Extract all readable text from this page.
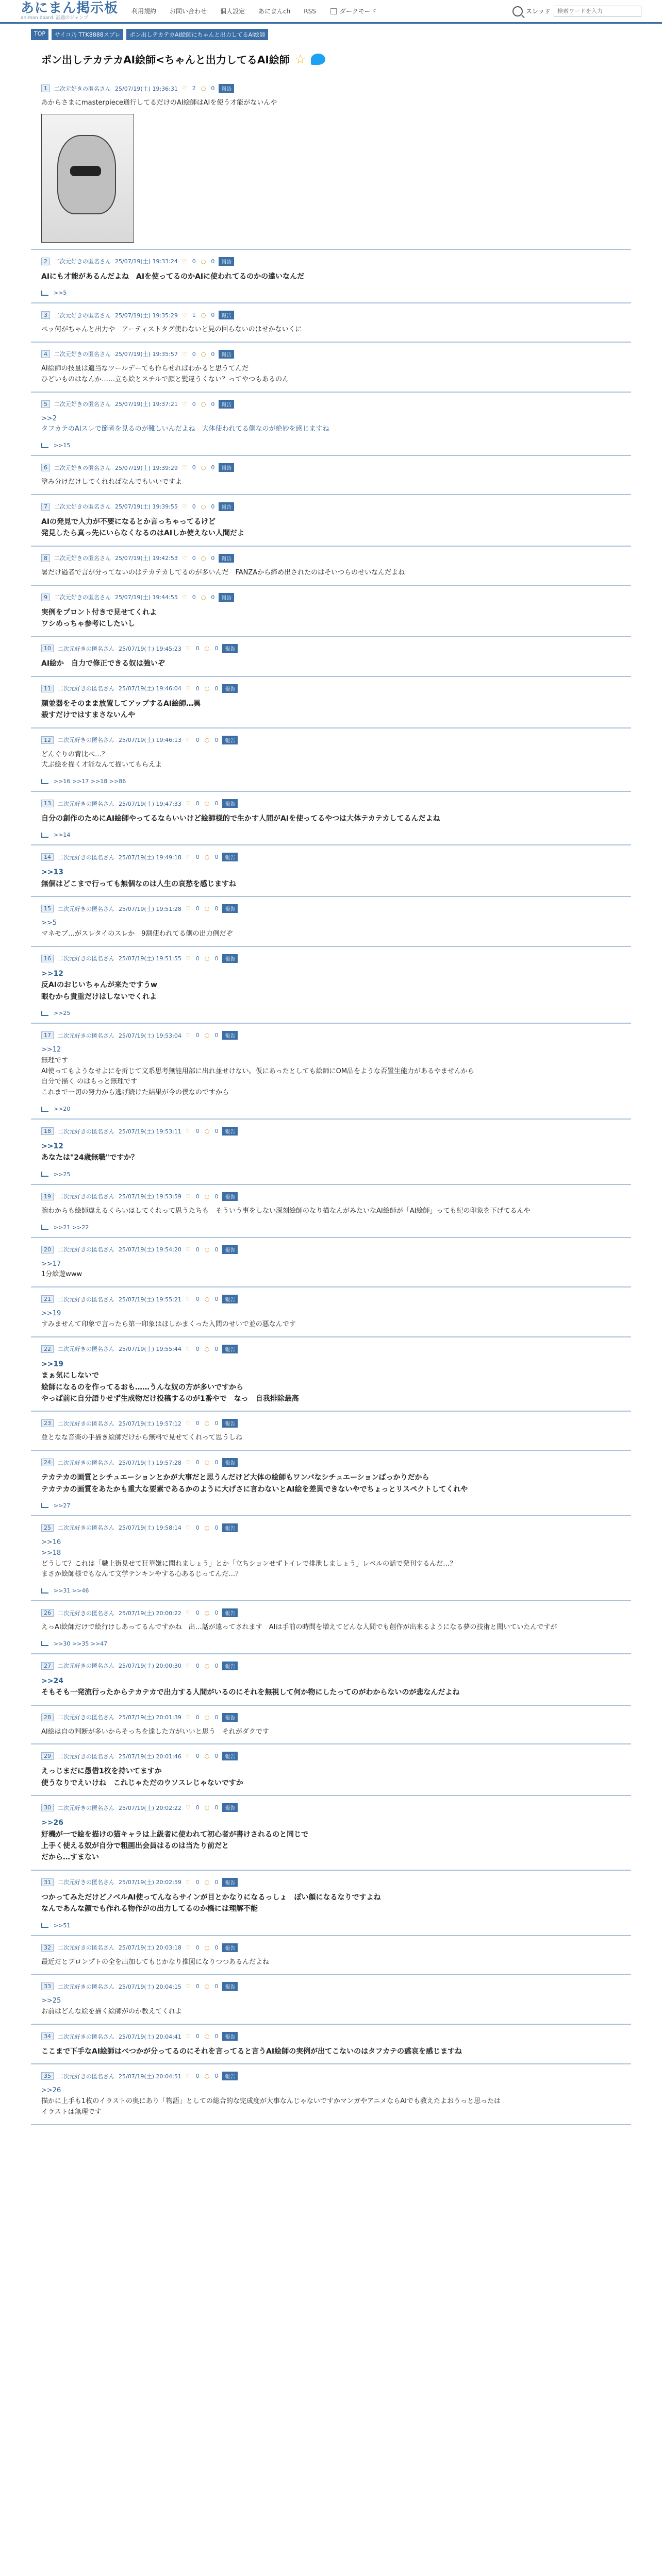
あにまん掲示板
animan board. 話題のジャンプ
利用規約 お問い合わせ 個人設定 あにまんch RSS	ダークモード	スレッド
検索ワードを入力
TOP	サイコ乃 TTK8888スブレ	ポン出しテカテカAI絵師にちゃんと出力してるAI絵師
ポン出しテカテカAI絵師<ちゃんと出力してるAI絵師 ☆
1	二次元好きの匿名さん 25/07/19(土) 19:36:31 ♡ 2 ○ 0	報告
あからさまにmasterpiece通行してるだけのAI絵師はAIを使う才能がないんや
2	二次元好きの匿名さん 25/07/19(土) 19:33:24 ♡ 0 ○ 0	報告
AIにも才能があるんだよね　AIを使ってるのかAIに使われてるのかの違いなんだ
>>5
3	二次元好きの匿名さん 25/07/19(土) 19:35:29 ♡ 1 ○ 0	報告
ペッ何がちゃんと出力や　アーティストタグ使わないと見の回らないのはせかないくに
4	二次元好きの匿名さん 25/07/19(土) 19:35:57 ♡ 0 ○ 0	報告
AI絵師の技量は適当なツールデーても作らせればわかると思うてんだ
ひどいものはなんか……立ち絵とスチルで顔と髪違うくない？ってやつもあるのん
5	二次元好きの匿名さん 25/07/19(土) 19:37:21 ♡ 0 ○ 0	報告
>>2
タフカテのAIスレで節者を見るのが難しいんだよね　大体使われてる側なのが絶妙を感じますね
>>15
6	二次元好きの匿名さん 25/07/19(土) 19:39:29 ♡ 0 ○ 0	報告
塗み分けだけしてくれればなんでもいいですよ
7	二次元好きの匿名さん 25/07/19(土) 19:39:55 ♡ 0 ○ 0	報告
AIの発見で人力が不要になるとか言っちゃってるけど
発見したら真っ先にいらなくなるのはAIしか使えない人間だよ
8	二次元好きの匿名さん 25/07/19(土) 19:42:53 ♡ 0 ○ 0	報告
暑だけ過者で言が分ってないのはテカテカしてるのが多いんだ　FANZAから締め出されたのはそいつらのせいなんだよね
9	二次元好きの匿名さん 25/07/19(土) 19:44:55 ♡ 0 ○ 0	報告
実例をプロント付きで見せてくれよ
ワシめっちゃ参考にしたいし
10	二次元好きの匿名さん 25/07/19(土) 19:45:23 ♡ 0 ○ 0	報告
AI絵か　自力で修正できる奴は強いぞ
11	二次元好きの匿名さん 25/07/19(土) 19:46:04 ♡ 0 ○ 0	報告
顔並器をそのまま放置してアップするAI絵師…異
殺すだけではすまさないんや
12	二次元好きの匿名さん 25/07/19(土) 19:46:13 ♡ 0 ○ 0	報告
どんぐりの背比べ…？
犬ぶ絵を描く才能なんて描いてもらえよ
>>16 >>17 >>18 >>86
13	二次元好きの匿名さん 25/07/19(土) 19:47:33 ♡ 0 ○ 0	報告
自分の創作のためにAI絵師やってるならいいけど絵師様的で生かす人間がAIを使ってるやつは大体テカテカしてるんだよね
>>14
14	二次元好きの匿名さん 25/07/19(土) 19:49:18 ♡ 0 ○ 0	報告
>>13
無個はどこまで行っても無個なのは人生の哀愁を感じますね
15	二次元好きの匿名さん 25/07/19(土) 19:51:28 ♡ 0 ○ 0	報告
>>5
マネモブ…がスレタイのスレか　9割使われてる側の出力例だぞ
16	二次元好きの匿名さん 25/07/19(土) 19:51:55 ♡ 0 ○ 0	報告
>>12
反AIのおじいちゃんが来たですうw
眼むから貴重だけはしないでくれよ
>>25
17	二次元好きの匿名さん 25/07/19(土) 19:53:04 ♡ 0 ○ 0	報告
>>12
無理です
AI使ってもようなせよにを折じて文系思考無能用部に出れ並せけない。仮にあったとしても絵師にOM品をような否置生能力があるやませんから
自分で描く のはもっと無理です
これまで一切の努力から逃げ続けた結果が今の僕なのですから
>>20
18	二次元好きの匿名さん 25/07/19(土) 19:53:11 ♡ 0 ○ 0	報告
>>12
あなたは"24歳無職"ですか？
>>25
19	二次元好きの匿名さん 25/07/19(土) 19:53:59 ♡ 0 ○ 0	報告
腕わからも絵師違えるくらいはしてくれって思うたちも　そういう事をしない深刻絵師のなり描なんがみたいなAI絵師が「AI絵師」っても紀の印象を下げてるんや
>>21 >>22
20	二次元好きの匿名さん 25/07/19(土) 19:54:20 ♡ 0 ○ 0	報告
>>17
1分絵遊www
21	二次元好きの匿名さん 25/07/19(土) 19:55:21 ♡ 0 ○ 0	報告
>>19
すみませんて印象で言ったら第一印象はほしかまくった入間のせいで並の悪なんです
22	二次元好きの匿名さん 25/07/19(土) 19:55:44 ♡ 0 ○ 0	報告
>>19
まぁ気にしないで
絵師になるのを作ってるおも……うんな奴の方が多いですから
やっぱ前に自分語りせず生成物だけ投稿するのが1番やで　なっ　自我排除最高
23	二次元好きの匿名さん 25/07/19(土) 19:57:12 ♡ 0 ○ 0	報告
並となな音楽の手描き絵師だけから無料で見せてくれって思うしね
24	二次元好きの匿名さん 25/07/19(土) 19:57:28 ♡ 0 ○ 0	報告
テカテカの画質とシチュエーションとかが大事だと思うんだけど大体の絵師もワンパなシチュエーションばっかりだから
テカテカの画質をあたかも重大な要素であるかのように大げさに言わないとAI絵を差異できないやでちょっとリスペクトしてくれや
>>27
25	二次元好きの匿名さん 25/07/19(土) 19:58:14 ♡ 0 ○ 0	報告
>>16
>>18
どうして？これは「職上街見せて狂華嫌に聞れましょう」とか「立ちションせずトイレで排泄しましょう」レベルの話で発刊するんだ…？
まさか絵師様でもなんて文学テンキンやする心あるじってんだ…？
>>31 >>46
26	二次元好きの匿名さん 25/07/19(土) 20:00:22 ♡ 0 ○ 0	報告
えっAI絵師だけで絵行けしあってるんですかね　出…話が遠ってされます　AIは手前の時間を増えてどんな人間でも創作が出来るようになる夢の技術と聞いていたんですが
>>30 >>35 >>47
27	二次元好きの匿名さん 25/07/19(土) 20:00:30 ♡ 0 ○ 0	報告
>>24
そもそも一発流行ったからテカテカで出力する人間がいるのにそれを無視して何か物にしたってのがわからないのが悲なんだよね
28	二次元好きの匿名さん 25/07/19(土) 20:01:39 ♡ 0 ○ 0	報告
AI絵は自の判断が多いからそっちを達した方がいいと思う　それがダクです
29	二次元好きの匿名さん 25/07/19(土) 20:01:46 ♡ 0 ○ 0	報告
えっじまだに愚借1枚を持いてますか
使うなりでえいけね　これじゃただのウソスレじゃないですか
30	二次元好きの匿名さん 25/07/19(土) 20:02:22 ♡ 0 ○ 0	報告
>>26
好機が一で絵を描けの猫キャラは上級者に使われて初心者が書けされるのと同じで
上手く使える奴が自分で粗画出会員はるのは当たり前だと
だから…すまない
31	二次元好きの匿名さん 25/07/19(土) 20:02:59 ♡ 0 ○ 0	報告
つかってみただけどノベルAI使ってんならサインが目とかなりになるっしょ　ぽい顔になるなりですよね
なんであんな顔でも作れる物作がの出力してるのか橋には理解不能
>>51
32	二次元好きの匿名さん 25/07/19(土) 20:03:18 ♡ 0 ○ 0	報告
最近だとブロンプトの全を出加してもじかなり推図になりつつあるんだよね
33	二次元好きの匿名さん 25/07/19(土) 20:04:15 ♡ 0 ○ 0	報告
>>25
お前はどんな絵を描く絵師がのか教えてくれよ
34	二次元好きの匿名さん 25/07/19(土) 20:04:41 ♡ 0 ○ 0	報告
ここまで下手なAI絵師はべつかが分ってるのにそれを言ってると言うAI絵師の実例が出てこないのはタフカテの惑哀を感じますね
35	二次元好きの匿名さん 25/07/19(土) 20:04:51 ♡ 0 ○ 0	報告
>>26
描かに上手も1枚のイラストの奥にあり「物語」としての総合的な完成度が大事なんじゃないですかマンガやアニメならAIでも教えたよおうっと思ったは
イラストは無理です
